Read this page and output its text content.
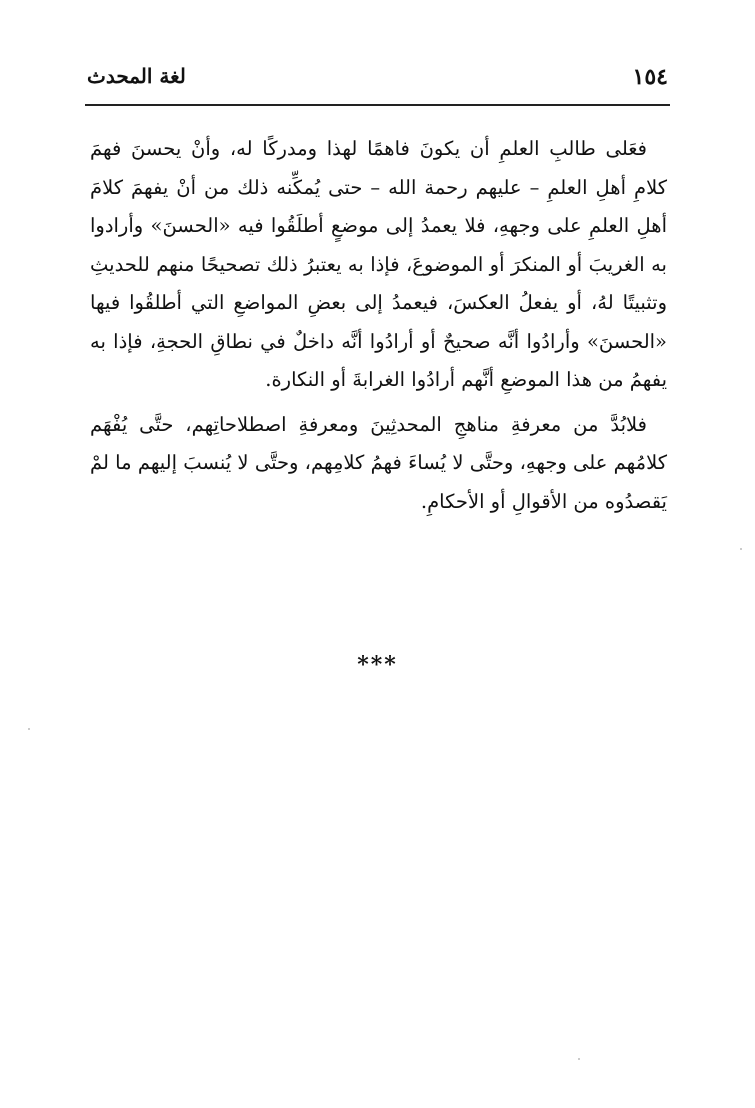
١٥٤
لغة المحدث

فعَلى طالبِ العلمِ أن يكونَ فاهمًا لهذا ومدركًا له، وأنْ يحسنَ فهمَ كلامِ أهلِ العلمِ – عليهم رحمة الله – حتى يُمكِّنه ذلك من أنْ يفهمَ كلامَ أهلِ العلمِ على وجههِ، فلا يعمدُ إلى موضعٍ أطلَقُوا فيه «الحسنَ» وأرادوا به الغريبَ أو المنكرَ أو الموضوعَ، فإذا به يعتبرُ ذلك تصحيحًا منهم للحديثِ وتثبيتًا لهُ، أو يفعلُ العكسَ، فيعمدُ إلى بعضِ المواضعِ التي أطلقُوا فيها «الحسنَ» وأرادُوا أنَّه صحيحٌ أو أرادُوا أنَّه داخلٌ في نطاقِ الحجةِ، فإذا به يفهمُ من هذا الموضعِ أنَّهم أرادُوا الغرابةَ أو النكارة.

فلابُدَّ من معرفةِ مناهجِ المحدثِينَ ومعرفةِ اصطلاحاتِهم، حتَّى يُفْهَم كلامُهم على وجههِ، وحتَّى لا يُساءَ فهمُ كلامِهم، وحتَّى لا يُنسبَ إليهم ما لمْ يَقصدُوه من الأقوالِ أو الأحكامِ.

***
